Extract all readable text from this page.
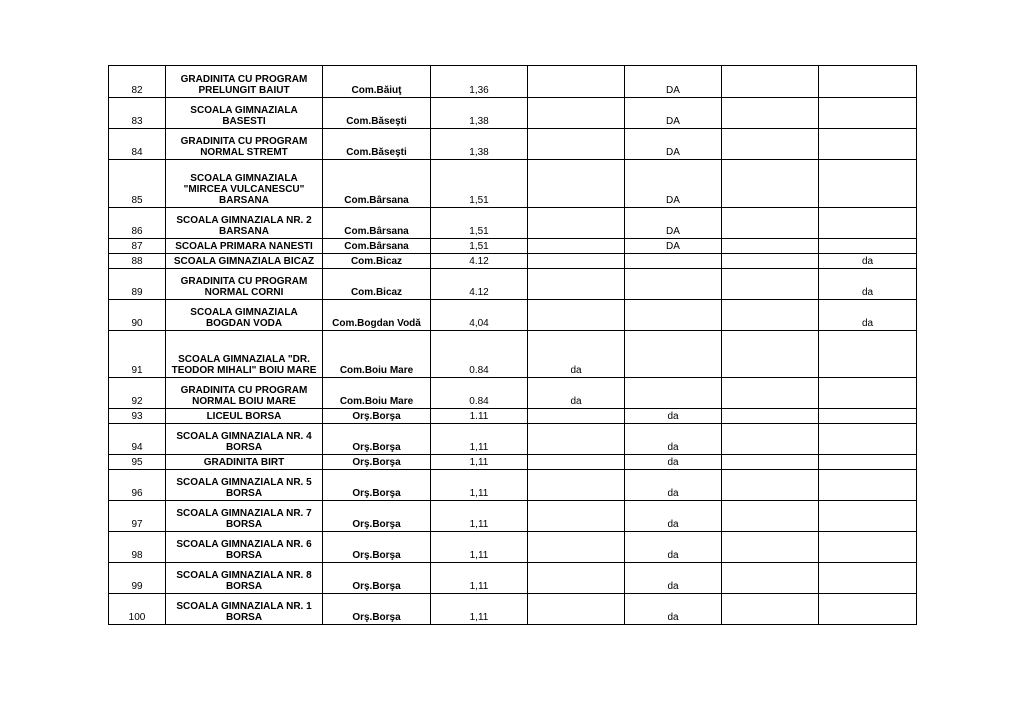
82	GRADINITA CU PROGRAM
PRELUNGIT BAIUT	Com.Băiuţ	1,36		DA		
83	SCOALA GIMNAZIALA BASESTI	Com.Băseşti	1,38		DA		
84	GRADINITA CU PROGRAM
NORMAL STREMT	Com.Băseşti	1,38		DA		
85	SCOALA GIMNAZIALA
"MIRCEA VULCANESCU"
BARSANA	Com.Bârsana	1,51		DA		
86	SCOALA GIMNAZIALA NR. 2
BARSANA	Com.Bârsana	1,51		DA		
87	SCOALA PRIMARA NANESTI	Com.Bârsana	1,51		DA		
88	SCOALA GIMNAZIALA BICAZ	Com.Bicaz	4.12				da
89	GRADINITA CU PROGRAM
NORMAL CORNI	Com.Bicaz	4.12				da
90	SCOALA GIMNAZIALA
BOGDAN VODA	Com.Bogdan Vodă	4,04				da
91	SCOALA GIMNAZIALA "DR.
TEODOR MIHALI" BOIU MARE	Com.Boiu Mare	0.84	da			
92	GRADINITA CU PROGRAM
NORMAL BOIU MARE	Com.Boiu Mare	0.84	da			
93	LICEUL BORSA	Orş.Borşa	1.11		da		
94	SCOALA GIMNAZIALA NR. 4
BORSA	Orş.Borşa	1,11		da		
95	GRADINITA BIRT	Orş.Borşa	1,11		da		
96	SCOALA GIMNAZIALA NR. 5
BORSA	Orş.Borşa	1,11		da		
97	SCOALA GIMNAZIALA NR. 7
BORSA	Orş.Borşa	1,11		da		
98	SCOALA GIMNAZIALA NR. 6
BORSA	Orş.Borşa	1,11		da		
99	SCOALA GIMNAZIALA NR. 8
BORSA	Orş.Borşa	1,11		da		
100	SCOALA GIMNAZIALA NR. 1
BORSA	Orş.Borşa	1,11		da		
